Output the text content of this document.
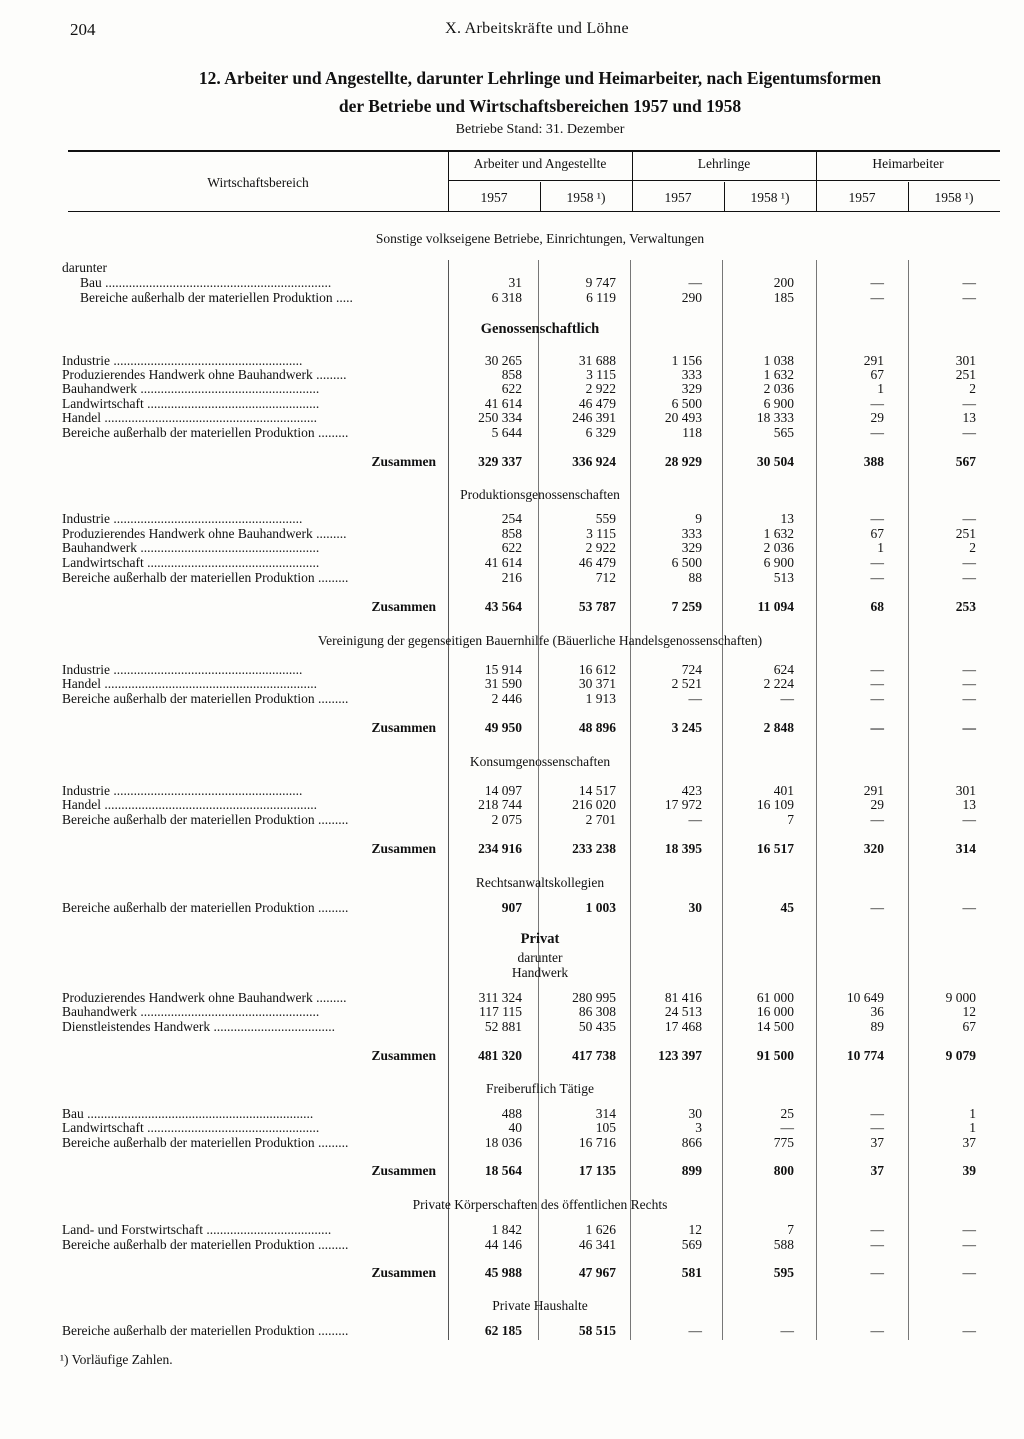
204	X. Arbeitskräfte und Löhne
12. Arbeiter und Angestellte, darunter Lehrlinge und Heimarbeiter, nach Eigentumsformen
der Betriebe und Wirtschaftsbereichen 1957 und 1958
Betriebe Stand: 31. Dezember
Wirtschaftsbereich
Arbeiter und Angestellte	Lehrlinge	Heimarbeiter
1957	1958 ¹)	1957	1958 ¹)	1957	1958 ¹)
Sonstige volkseigene Betriebe, Einrichtungen, Verwaltungen
darunter
Bau ...................................................................	31	9 747	—	200	—	—
Bereiche außerhalb der materiellen Produktion .....	6 318	6 119	290	185	—	—
Genossenschaftlich
Industrie ........................................................	30 265	31 688	1 156	1 038	291	301
Produzierendes Handwerk ohne Bauhandwerk .........	858	3 115	333	1 632	67	251
Bauhandwerk .....................................................	622	2 922	329	2 036	1	2
Landwirtschaft ...................................................	41 614	46 479	6 500	6 900	—	—
Handel ...............................................................	250 334	246 391	20 493	18 333	29	13
Bereiche außerhalb der materiellen Produktion .........	5 644	6 329	118	565	—	—
Zusammen	329 337	336 924	28 929	30 504	388	567
Produktionsgenossenschaften
Industrie ........................................................	254	559	9	13	—	—
Produzierendes Handwerk ohne Bauhandwerk .........	858	3 115	333	1 632	67	251
Bauhandwerk .....................................................	622	2 922	329	2 036	1	2
Landwirtschaft ...................................................	41 614	46 479	6 500	6 900	—	—
Bereiche außerhalb der materiellen Produktion .........	216	712	88	513	—	—
Zusammen	43 564	53 787	7 259	11 094	68	253
Vereinigung der gegenseitigen Bauernhilfe (Bäuerliche Handelsgenossenschaften)
Industrie ........................................................	15 914	16 612	724	624	—	—
Handel ...............................................................	31 590	30 371	2 521	2 224	—	—
Bereiche außerhalb der materiellen Produktion .........	2 446	1 913	—	—	—	—
Zusammen	49 950	48 896	3 245	2 848	—	—
Konsumgenossenschaften
Industrie ........................................................	14 097	14 517	423	401	291	301
Handel ...............................................................	218 744	216 020	17 972	16 109	29	13
Bereiche außerhalb der materiellen Produktion .........	2 075	2 701	—	7	—	—
Zusammen	234 916	233 238	18 395	16 517	320	314
Rechtsanwaltskollegien
Bereiche außerhalb der materiellen Produktion .........	907	1 003	30	45	—	—
Privat
darunter
Handwerk
Produzierendes Handwerk ohne Bauhandwerk .........	311 324	280 995	81 416	61 000	10 649	9 000
Bauhandwerk .....................................................	117 115	86 308	24 513	16 000	36	12
Dienstleistendes Handwerk ....................................	52 881	50 435	17 468	14 500	89	67
Zusammen	481 320	417 738	123 397	91 500	10 774	9 079
Freiberuflich Tätige
Bau ...................................................................	488	314	30	25	—	1
Landwirtschaft ...................................................	40	105	3	—	—	1
Bereiche außerhalb der materiellen Produktion .........	18 036	16 716	866	775	37	37
Zusammen	18 564	17 135	899	800	37	39
Private Körperschaften des öffentlichen Rechts
Land- und Forstwirtschaft .....................................	1 842	1 626	12	7	—	—
Bereiche außerhalb der materiellen Produktion .........	44 146	46 341	569	588	—	—
Zusammen	45 988	47 967	581	595	—	—
Private Haushalte
Bereiche außerhalb der materiellen Produktion .........	62 185	58 515	—	—	—	—
¹) Vorläufige Zahlen.
